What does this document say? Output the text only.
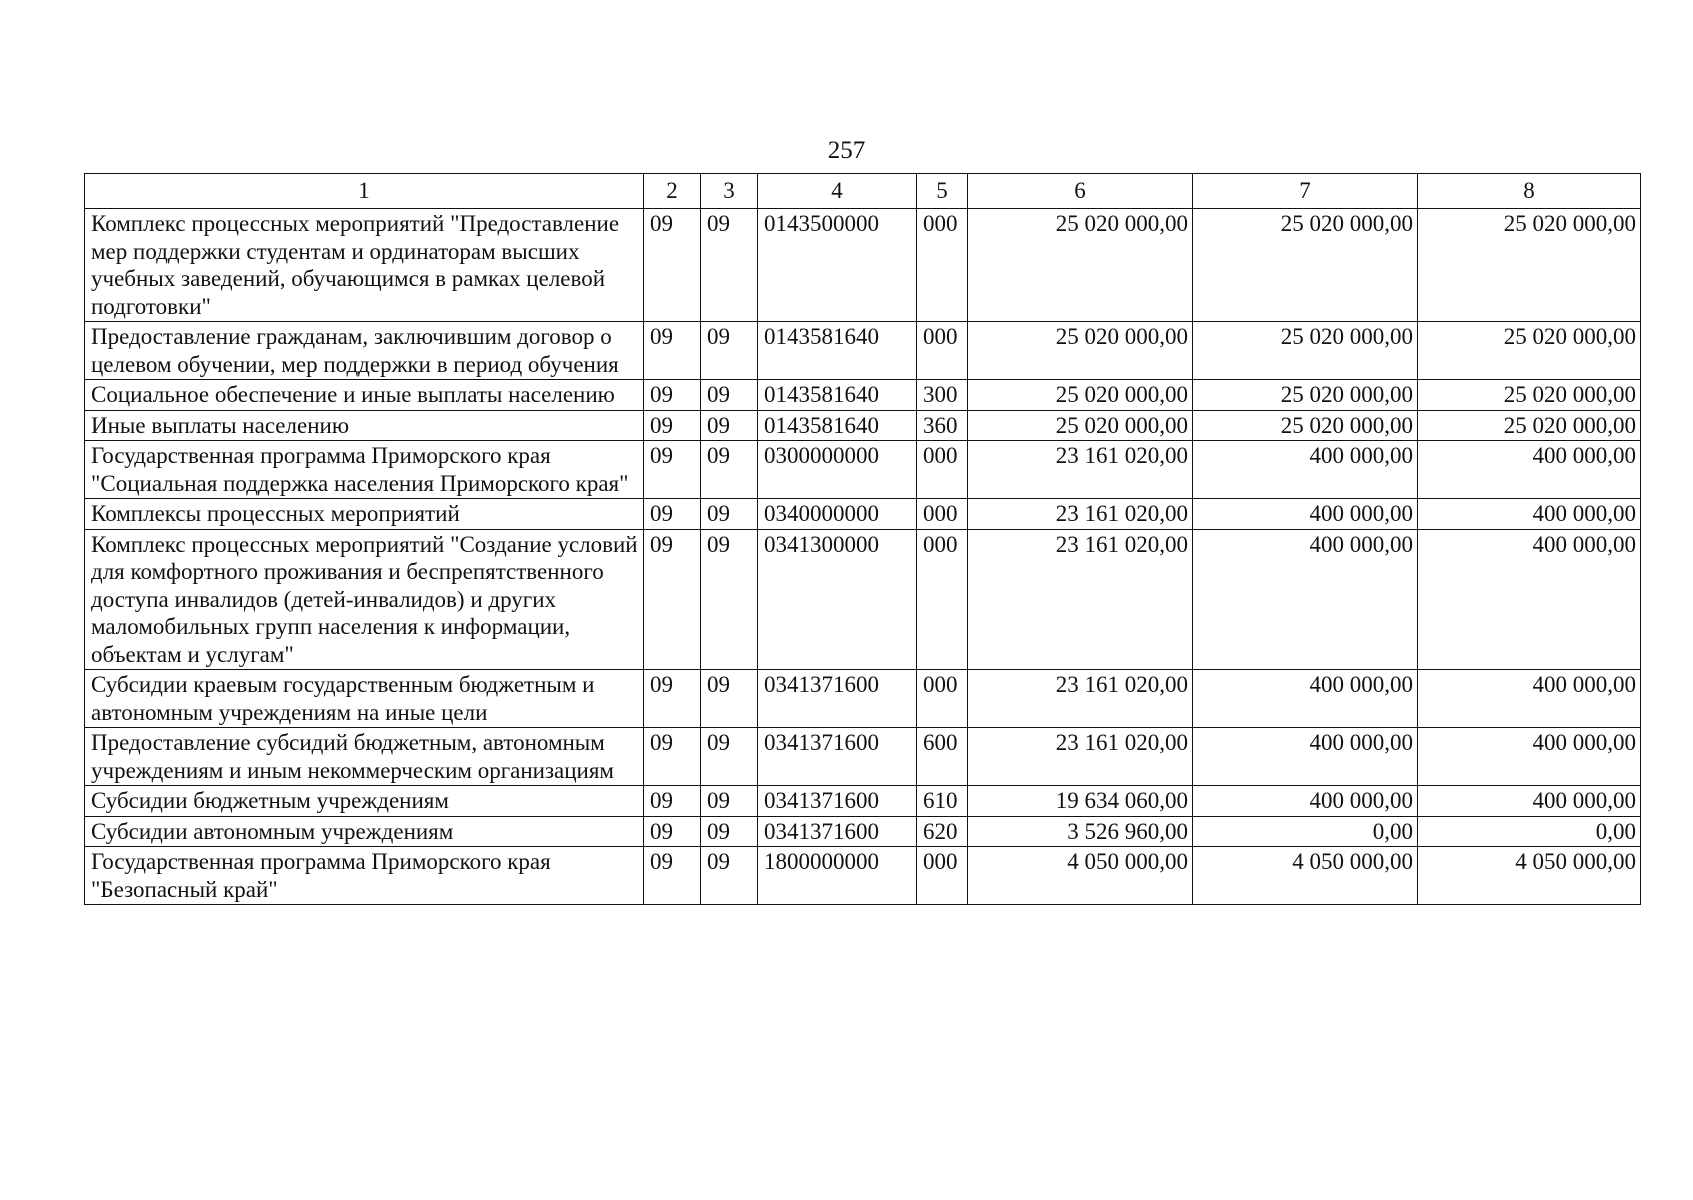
257
1	2	3	4	5	6	7	8
Комплекс процессных мероприятий "Предоставление мер поддержки студентам и ординаторам высших учебных заведений, обучающимся в рамках целевой подготовки"	09	09	0143500000	000	25 020 000,00	25 020 000,00	25 020 000,00
Предоставление гражданам, заключившим договор о целевом обучении, мер поддержки в период обучения	09	09	0143581640	000	25 020 000,00	25 020 000,00	25 020 000,00
Социальное обеспечение и иные выплаты населению	09	09	0143581640	300	25 020 000,00	25 020 000,00	25 020 000,00
Иные выплаты населению	09	09	0143581640	360	25 020 000,00	25 020 000,00	25 020 000,00
Государственная программа Приморского края "Социальная поддержка населения Приморского края"	09	09	0300000000	000	23 161 020,00	400 000,00	400 000,00
Комплексы процессных мероприятий	09	09	0340000000	000	23 161 020,00	400 000,00	400 000,00
Комплекс процессных мероприятий "Создание условий для комфортного проживания и беспрепятственного доступа инвалидов (детей-инвалидов) и других маломобильных групп населения к информации, объектам и услугам"	09	09	0341300000	000	23 161 020,00	400 000,00	400 000,00
Субсидии краевым государственным бюджетным и автономным учреждениям на иные цели	09	09	0341371600	000	23 161 020,00	400 000,00	400 000,00
Предоставление субсидий бюджетным, автономным учреждениям и иным некоммерческим организациям	09	09	0341371600	600	23 161 020,00	400 000,00	400 000,00
Субсидии бюджетным учреждениям	09	09	0341371600	610	19 634 060,00	400 000,00	400 000,00
Субсидии автономным учреждениям	09	09	0341371600	620	3 526 960,00	0,00	0,00
Государственная программа Приморского края "Безопасный край"	09	09	1800000000	000	4 050 000,00	4 050 000,00	4 050 000,00
